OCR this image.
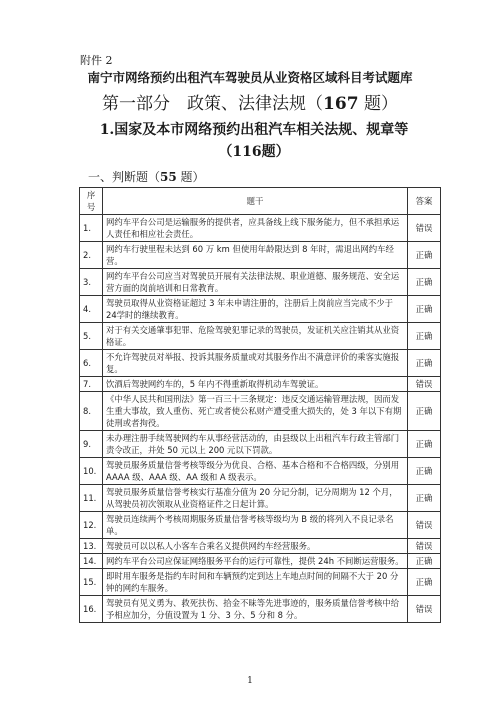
附件 2
南宁市网络预约出租汽车驾驶员从业资格区域科目考试题库
第一部分　政策、法律法规（167 题）
1.国家及本市网络预约出租汽车相关法规、规章等（116题）
一、判断题（55 题）
序号	题干	答案
1.	网约车平台公司是运输服务的提供者，应具备线上线下服务能力，但不承担承运人责任和相应社会责任。	错误
2.	网约车行驶里程未达到 60 万 km 但使用年龄限达到 8 年时，需退出网约车经营。	正确
3.	网约车平台公司应当对驾驶员开展有关法律法规、职业道德、服务规范、安全运营方面的岗前培训和日常教育。	正确
4.	驾驶员取得从业资格证超过 3 年未申请注册的，注册后上岗前应当完成不少于 24学时的继续教育。	正确
5.	对于有关交通肇事犯罪、危险驾驶犯罪记录的驾驶员，发证机关应注销其从业资格证。	正确
6.	不允许驾驶员对举报、投诉其服务质量或对其服务作出不满意评价的乘客实施报复。	正确
7.	饮酒后驾驶网约车的，5 年内不得重新取得机动车驾驶证。	错误
8.	《中华人民共和国刑法》第一百三十三条规定：违反交通运输管理法规，因而发生重大事故，致人重伤、死亡或者使公私财产遭受重大损失的，处 3 年以下有期徒刑或者拘役。	正确
9.	未办理注册手续驾驶网约车从事经营活动的，由县级以上出租汽车行政主管部门责令改正，并处 50 元以上 200 元以下罚款。	正确
10.	驾驶员服务质量信誉考核等级分为优良、合格、基本合格和不合格四级，分别用 AAAA 级、AAA 级、AA 级和 A 级表示。	正确
11.	驾驶员服务质量信誉考核实行基准分值为 20 分记分制，记分周期为 12 个月，从驾驶员初次领取从业资格证件之日起计算。	正确
12.	驾驶员连续两个考核周期服务质量信誉考核等级均为 B 级的将列入不良记录名单。	错误
13.	驾驶员可以以私人小客车合乘名义提供网约车经营服务。	错误
14.	网约车平台公司应保证网络服务平台的运行可靠性，提供 24h 不间断运营服务。	正确
15.	即时用车服务是指约车时间和车辆预约定到达上车地点时间的间隔不大于 20 分钟的网约车服务。	正确
16.	驾驶员有见义勇为、救死扶伤、拾金不昧等先进事迹的，服务质量信誉考核中给予相应加分，分值设置为 1 分、3 分、5 分和 8 分。	错误
1
